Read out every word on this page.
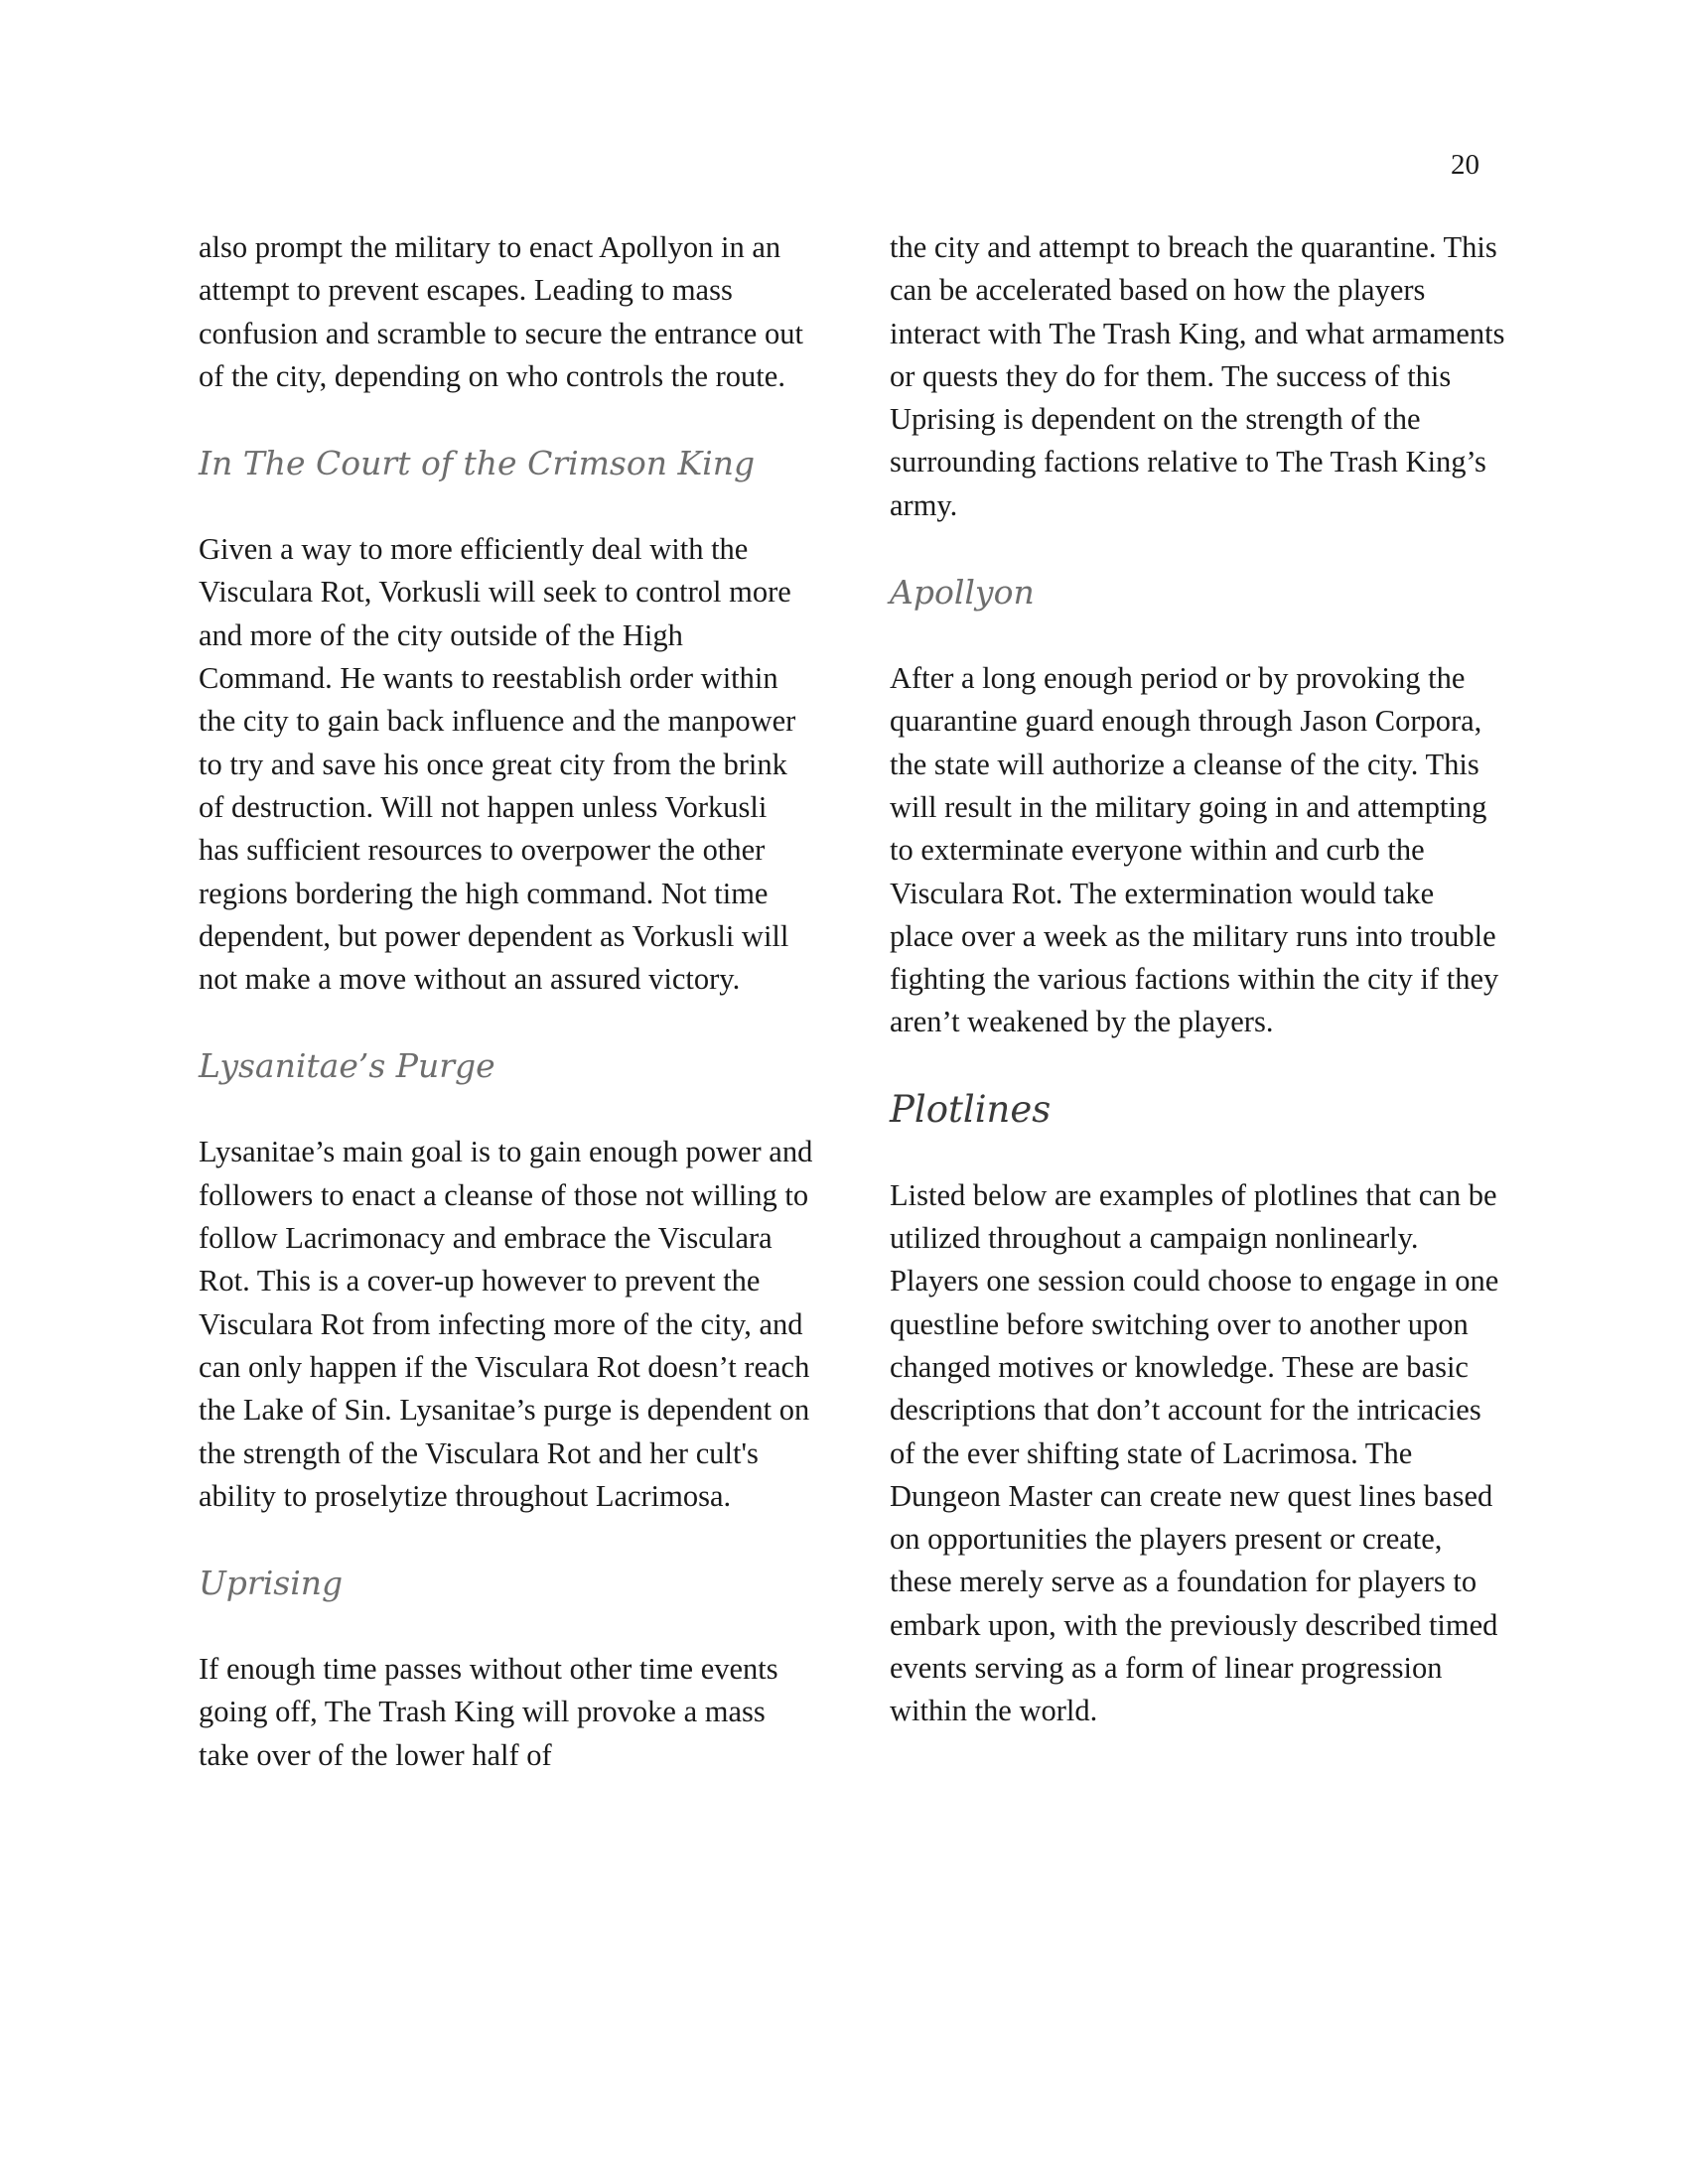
20

also prompt the military to enact Apollyon in an attempt to prevent escapes. Leading to mass confusion and scramble to secure the entrance out of the city, depending on who controls the route.

In The Court of the Crimson King

Given a way to more efficiently deal with the Visculara Rot, Vorkusli will seek to control more and more of the city outside of the High Command. He wants to reestablish order within the city to gain back influence and the manpower to try and save his once great city from the brink of destruction. Will not happen unless Vorkusli has sufficient resources to overpower the other regions bordering the high command. Not time dependent, but power dependent as Vorkusli will not make a move without an assured victory.

Lysanitae’s Purge

Lysanitae’s main goal is to gain enough power and followers to enact a cleanse of those not willing to follow Lacrimonacy and embrace the Visculara Rot. This is a cover-up however to prevent the Visculara Rot from infecting more of the city, and can only happen if the Visculara Rot doesn’t reach the Lake of Sin. Lysanitae’s purge is dependent on the strength of the Visculara Rot and her cult's ability to proselytize throughout Lacrimosa.

Uprising

If enough time passes without other time events going off, The Trash King will provoke a mass take over of the lower half of

the city and attempt to breach the quarantine. This can be accelerated based on how the players interact with The Trash King, and what armaments or quests they do for them. The success of this Uprising is dependent on the strength of the surrounding factions relative to The Trash King’s army.

Apollyon

After a long enough period or by provoking the quarantine guard enough through Jason Corpora, the state will authorize a cleanse of the city. This will result in the military going in and attempting to exterminate everyone within and curb the Visculara Rot. The extermination would take place over a week as the military runs into trouble fighting the various factions within the city if they aren’t weakened by the players.

Plotlines

Listed below are examples of plotlines that can be utilized throughout a campaign nonlinearly. Players one session could choose to engage in one questline before switching over to another upon changed motives or knowledge. These are basic descriptions that don’t account for the intricacies of the ever shifting state of Lacrimosa. The Dungeon Master can create new quest lines based on opportunities the players present or create, these merely serve as a foundation for players to embark upon, with the previously described timed events serving as a form of linear progression within the world.
